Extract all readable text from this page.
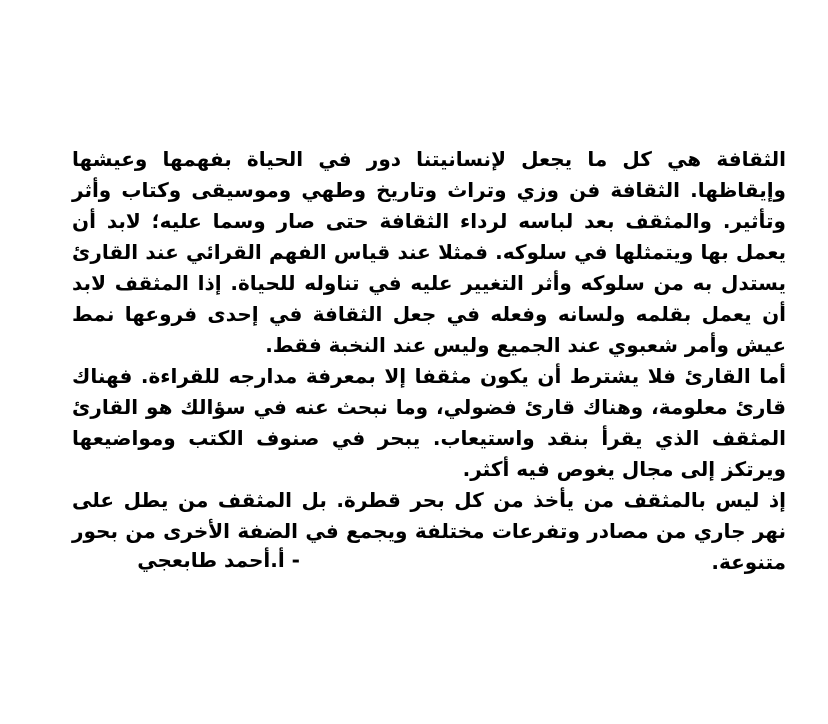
الثقافة هي كل ما يجعل لإنسانيتنا دور في الحياة بفهمها وعيشها وإيقاظها. الثقافة فن وزي وتراث وتاريخ وطهي وموسيقى وكتاب وأثر وتأثير. والمثقف بعد لباسه لرداء الثقافة حتى صار وسما عليه؛ لابد أن يعمل بها ويتمثلها في سلوكه. فمثلا عند قياس الفهم القرائي عند القارئ يستدل به من سلوكه وأثر التغيير عليه في تناوله للحياة. إذا المثقف لابد أن يعمل بقلمه ولسانه وفعله في جعل الثقافة في إحدى فروعها نمط عيش وأمر شعبوي عند الجميع وليس عند النخبة فقط.

أما القارئ فلا يشترط أن يكون مثقفا إلا بمعرفة مدارجه للقراءة. فهناك قارئ معلومة، وهناك قارئ فضولي، وما نبحث عنه في سؤالك هو القارئ المثقف الذي يقرأ بنقد واستيعاب. يبحر في صنوف الكتب ومواضيعها ويرتكز إلى مجال يغوص فيه أكثر.

إذ ليس بالمثقف من يأخذ من كل بحر قطرة. بل المثقف من يطل على نهر جاري من مصادر وتفرعات مختلفة ويجمع في الضفة الأخرى من بحور متنوعة.

- أ.أحمد طابعجي
